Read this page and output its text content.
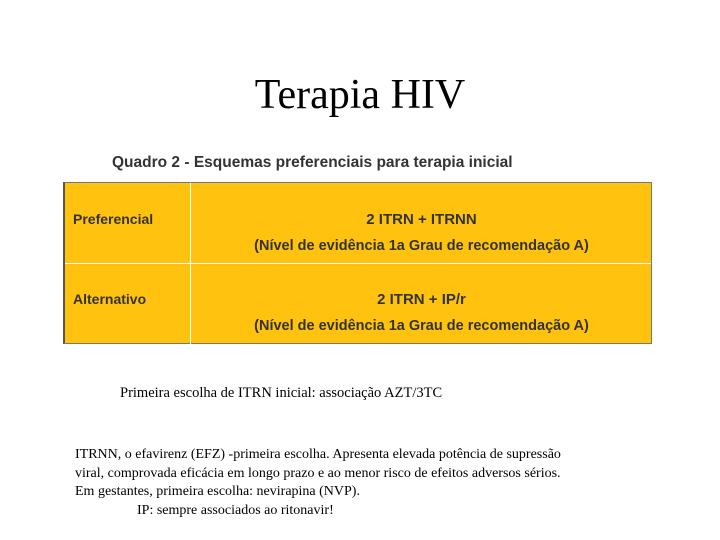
Terapia HIV
Quadro 2 - Esquemas preferenciais para terapia inicial
Preferencial	2 ITRN + ITRNN
(Nível de evidência 1a Grau de recomendação A)
Alternativo	2 ITRN + IP/r
(Nível de evidência 1a Grau de recomendação A)
Primeira escolha de ITRN inicial: associação AZT/3TC
ITRNN, o efavirenz (EFZ) -primeira escolha. Apresenta elevada potência de supressão
viral, comprovada eficácia em longo prazo e ao menor risco de efeitos adversos sérios.
Em gestantes, primeira escolha: nevirapina (NVP).
IP: sempre associados ao ritonavir!
